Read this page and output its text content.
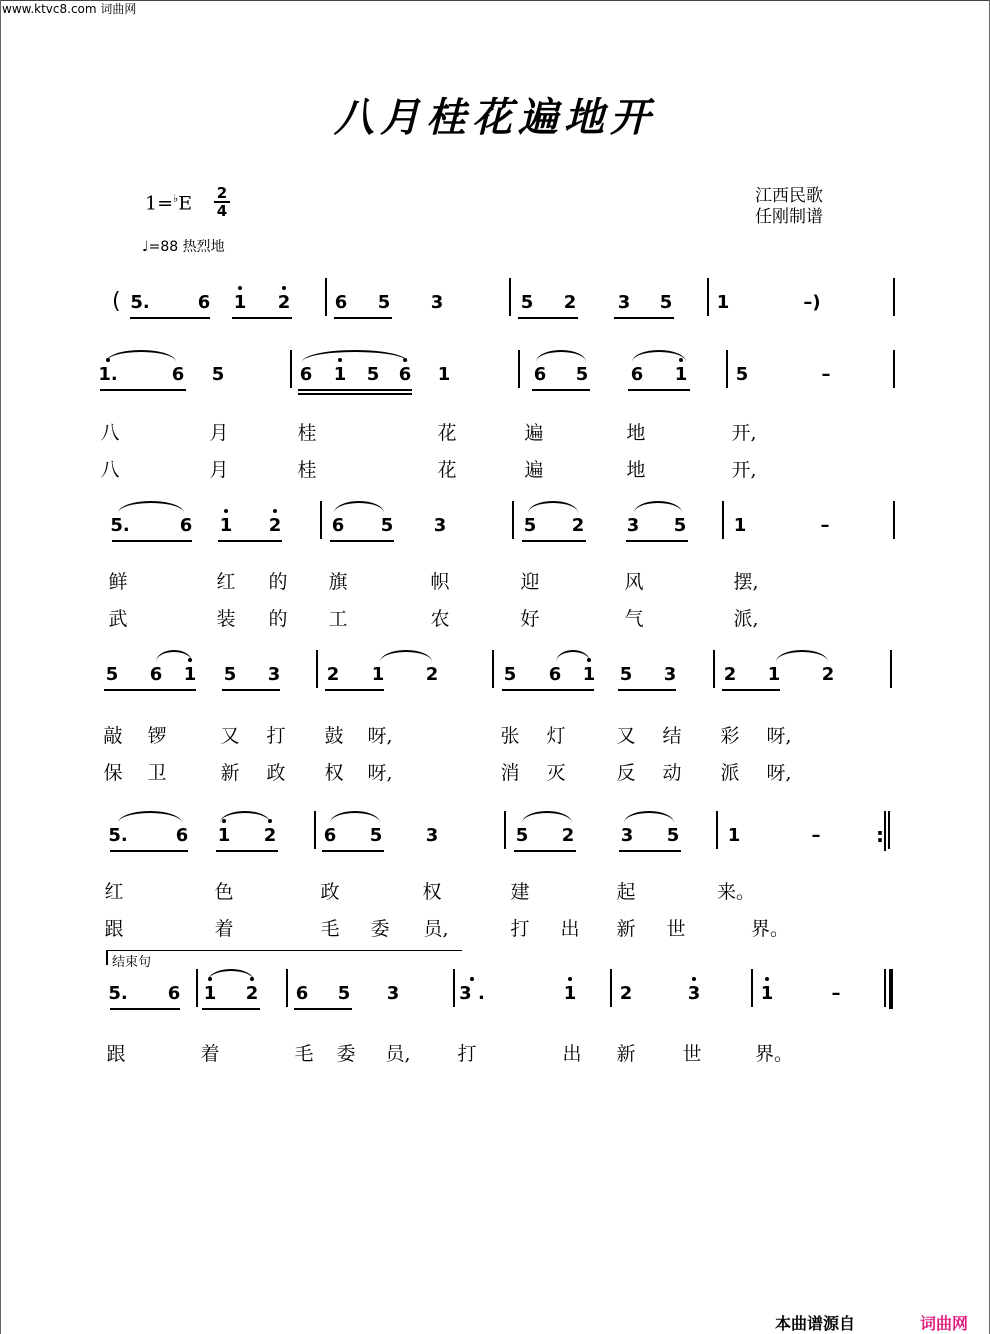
www.ktvc8.com 词曲网
八月桂花遍地开
1=♭E 2
4
♩=88 热烈地
江西民歌
任刚制谱
结束句
( 5.	6 1 2 6 5 3	5 2 3 5 1	–)
1.	6 5	6 1 5 6 1	6 5 6 1	5	–
八	月	桂	花	遍	地	开,
八	月	桂	花	遍	地	开,
5.	6 1 2	6 5 3	5 2 3 5	1	–
鲜	红 的 旗	帜	迎	风	摆,
武	装 的 工	农	好	气	派,
5 6 1 5 3	2 1 2	5 6 1 5 3	2 1 2
敲 锣	又 打 鼓 呀,	张 灯	又 结 彩 呀,
保 卫	新 政 权 呀,	消 灭	反 动 派 呀,
5.	6 1 2	6 5 3	5 2	3 5	1	–	:
红	色	政	权	建	起	来。
跟	着	毛 委 员,	打 出 新 世	界。
5. 6 1 2 6 5 3	3 .	1 2	3	1	–
跟	着	毛 委 员, 打	出 新 世	界。
本曲谱源自	词曲网
